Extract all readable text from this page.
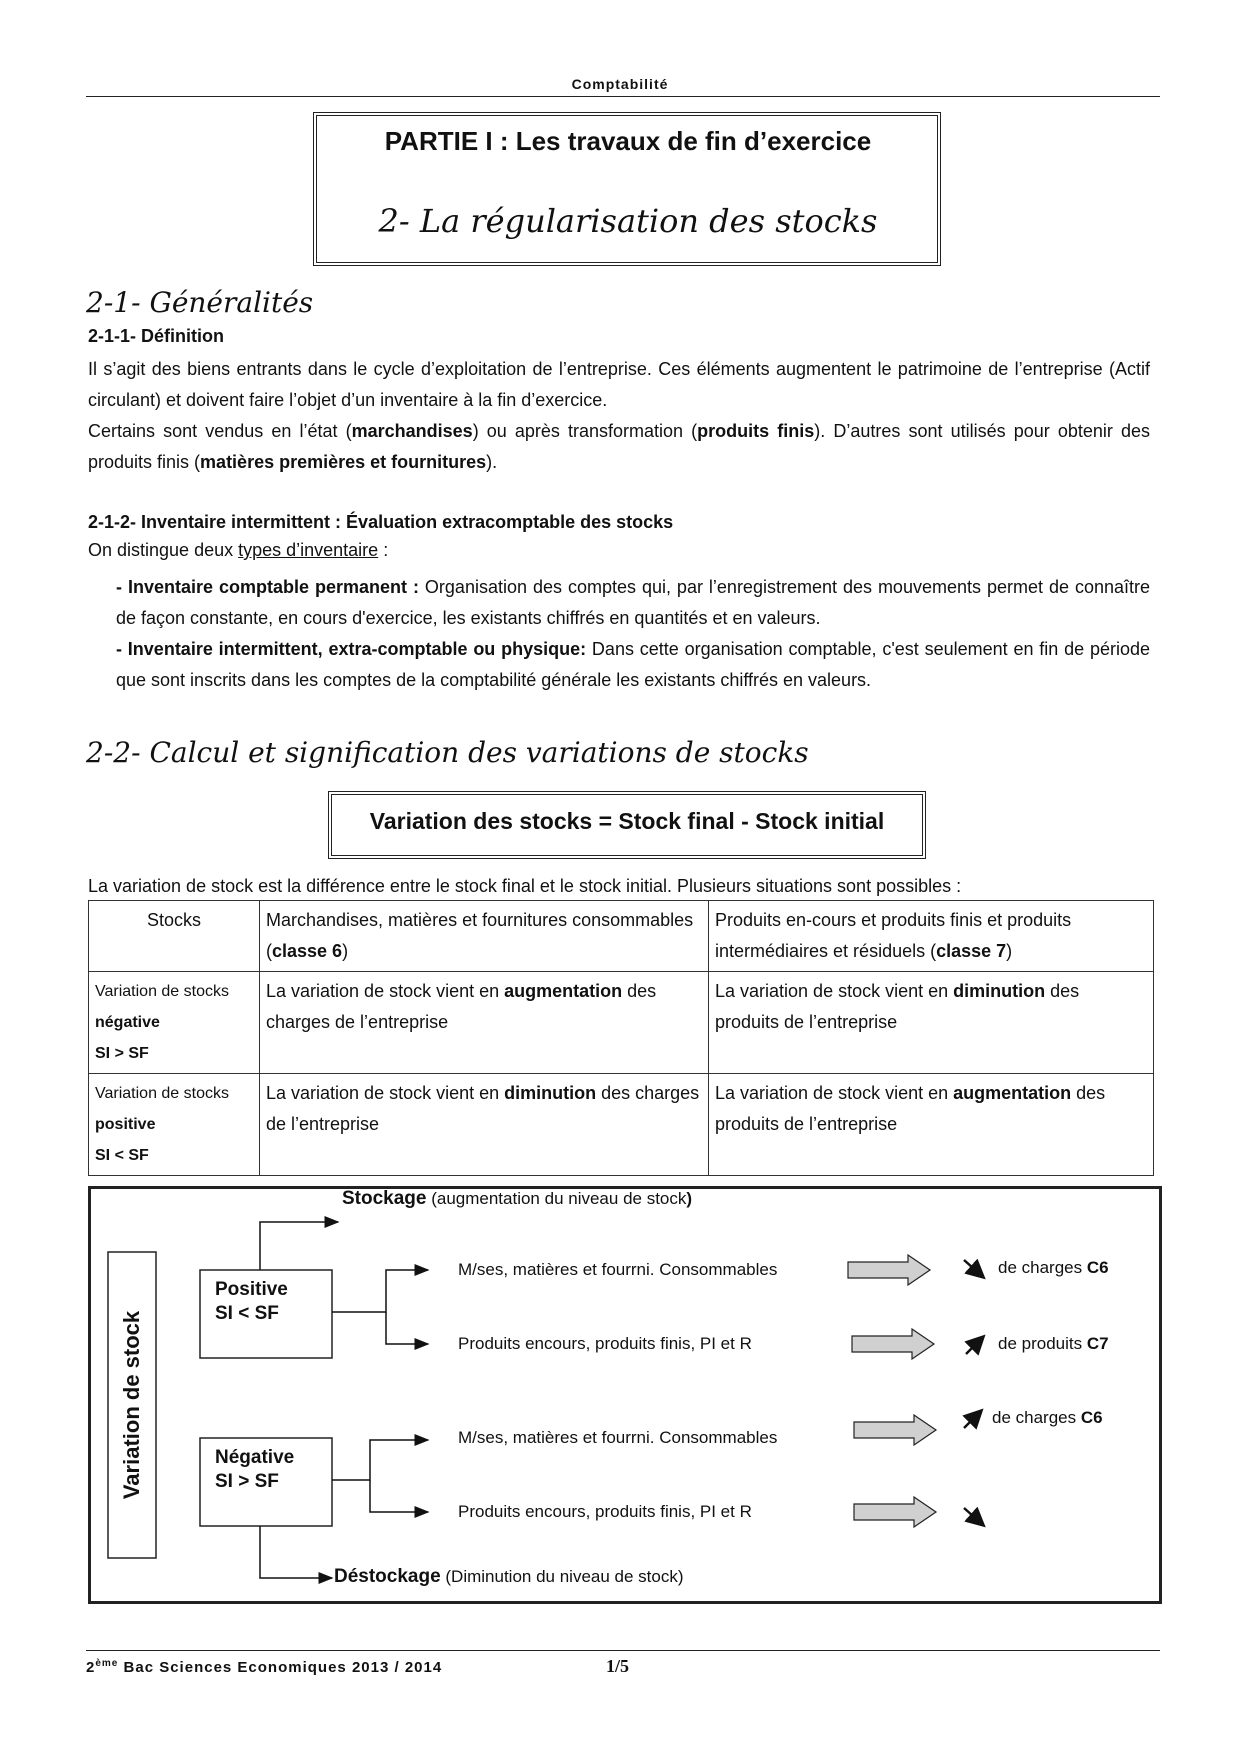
Comptabilité
PARTIE I : Les travaux de fin d’exercice
2- La régularisation des stocks
2-1- Généralités
2-1-1- Définition

Il s’agit des biens entrants dans le cycle d’exploitation de l’entreprise. Ces éléments augmentent le patrimoine de l’entreprise (Actif circulant) et doivent faire l’objet d’un inventaire à la fin d’exercice.

Certains sont vendus en l’état (marchandises) ou après transformation (produits finis). D’autres sont utilisés pour obtenir des produits finis (matières premières et fournitures).

2-1-2- Inventaire intermittent : Évaluation extracomptable des stocks
On distingue deux types d’inventaire :

- Inventaire comptable permanent : Organisation des comptes qui, par l’enregistrement des mouvements permet de connaître de façon constante, en cours d'exercice, les existants chiffrés en quantités et en valeurs.

- Inventaire intermittent, extra-comptable ou physique: Dans cette organisation comptable, c'est seulement en fin de période que sont inscrits dans les comptes de la comptabilité générale les existants chiffrés en valeurs.

2-2- Calcul et signification des variations de stocks
Variation des stocks = Stock final - Stock initial
La variation de stock est la différence entre le stock final et le stock initial. Plusieurs situations sont possibles :
Stocks	Marchandises, matières et fournitures consommables (classe 6)	Produits en-cours et produits finis et produits intermédiaires et résiduels (classe 7)
Variation de stocks négative
SI > SF	La variation de stock vient en augmentation des charges de l’entreprise	La variation de stock vient en diminution des produits de l’entreprise
Variation de stocks positive
SI < SF	La variation de stock vient en diminution des charges de l’entreprise	La variation de stock vient en augmentation des produits de l’entreprise
Stockage (augmentation du niveau de stock)
Variation de stock
Positive
SI < SF
Négative
SI > SF
M/ses, matières et fourrni. Consommables
Produits encours, produits finis, PI et R
M/ses, matières et fourrni. Consommables
Produits encours, produits finis, PI et R
de charges C6
de produits C7
de charges C6
Déstockage (Diminution du niveau de stock)
2ème Bac Sciences Economiques 2013 / 2014	1/5
